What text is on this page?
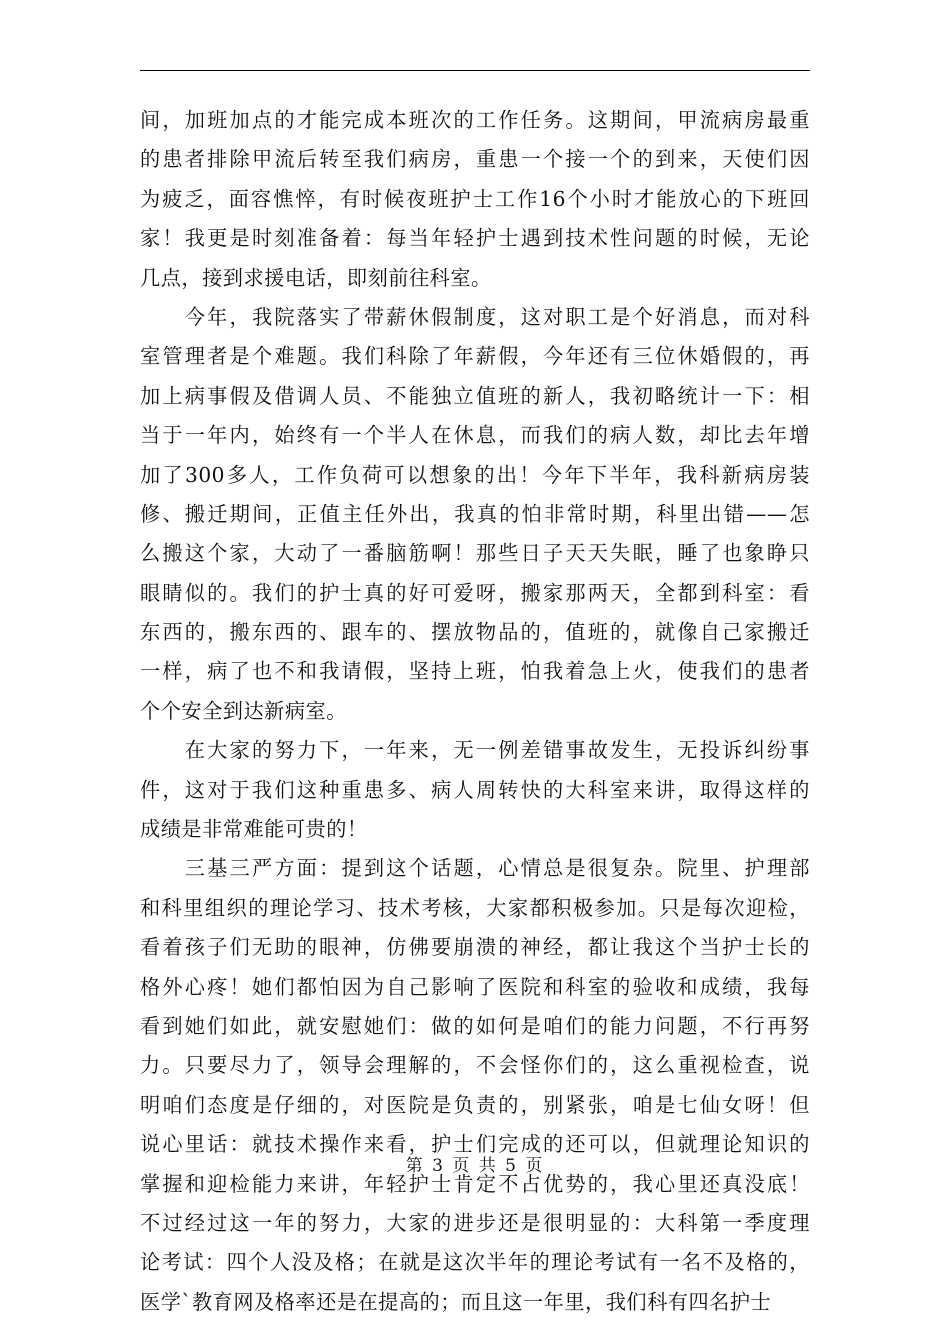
间，加班加点的才能完成本班次的工作任务。这期间，甲流病房最重
的患者排除甲流后转至我们病房，重患一个接一个的到来，天使们因
为疲乏，面容憔悴，有时候夜班护士工作16个小时才能放心的下班回
家！我更是时刻准备着：每当年轻护士遇到技术性问题的时候，无论
几点，接到求援电话，即刻前往科室。
　　今年，我院落实了带薪休假制度，这对职工是个好消息，而对科
室管理者是个难题。我们科除了年薪假，今年还有三位休婚假的，再
加上病事假及借调人员、不能独立值班的新人，我初略统计一下：相
当于一年内，始终有一个半人在休息，而我们的病人数，却比去年增
加了300多人，工作负荷可以想象的出！今年下半年，我科新病房装
修、搬迁期间，正值主任外出，我真的怕非常时期，科里出错——怎
么搬这个家，大动了一番脑筋啊！那些日子天天失眠，睡了也象睁只
眼睛似的。我们的护士真的好可爱呀，搬家那两天，全都到科室：看
东西的，搬东西的、跟车的、摆放物品的，值班的，就像自己家搬迁
一样，病了也不和我请假，坚持上班，怕我着急上火，使我们的患者
个个安全到达新病室。
　　在大家的努力下，一年来，无一例差错事故发生，无投诉纠纷事
件，这对于我们这种重患多、病人周转快的大科室来讲，取得这样的
成绩是非常难能可贵的！
　　三基三严方面：提到这个话题，心情总是很复杂。院里、护理部
和科里组织的理论学习、技术考核，大家都积极参加。只是每次迎检，
看着孩子们无助的眼神，仿佛要崩溃的神经，都让我这个当护士长的
格外心疼！她们都怕因为自己影响了医院和科室的验收和成绩，我每
看到她们如此，就安慰她们：做的如何是咱们的能力问题，不行再努
力。只要尽力了，领导会理解的，不会怪你们的，这么重视检查，说
明咱们态度是仔细的，对医院是负责的，别紧张，咱是七仙女呀！但
说心里话：就技术操作来看，护士们完成的还可以，但就理论知识的
掌握和迎检能力来讲，年轻护士肯定不占优势的，我心里还真没底！
不过经过这一年的努力，大家的进步还是很明显的：大科第一季度理
论考试：四个人没及格；在就是这次半年的理论考试有一名不及格的，
医学`教育网及格率还是在提高的；而且这一年里，我们科有四名护士
第 3 页 共 5 页
